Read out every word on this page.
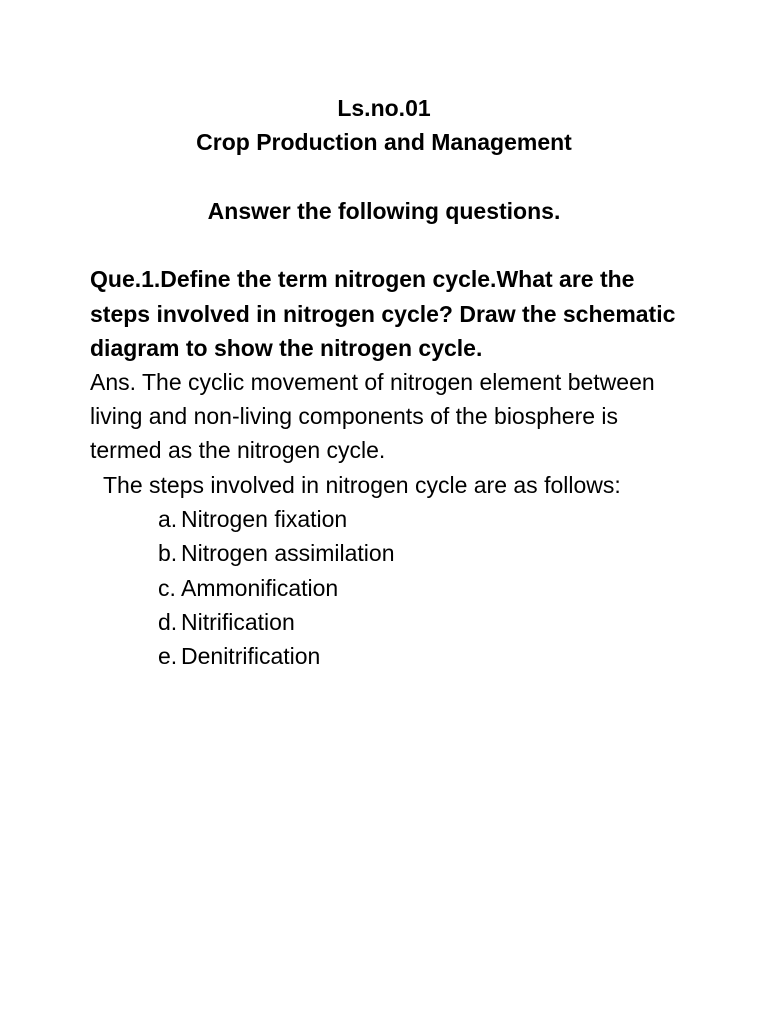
Ls.no.01
Crop Production and Management
Answer the following questions.
Que.1.Define the term nitrogen cycle.What are the steps involved in nitrogen cycle? Draw the schematic diagram to show the nitrogen cycle.
Ans. The cyclic movement of nitrogen element between living and non-living components of the biosphere is termed as the nitrogen cycle.
The steps involved in nitrogen cycle are as follows:
a. Nitrogen fixation
b. Nitrogen assimilation
c. Ammonification
d. Nitrification
e. Denitrification
